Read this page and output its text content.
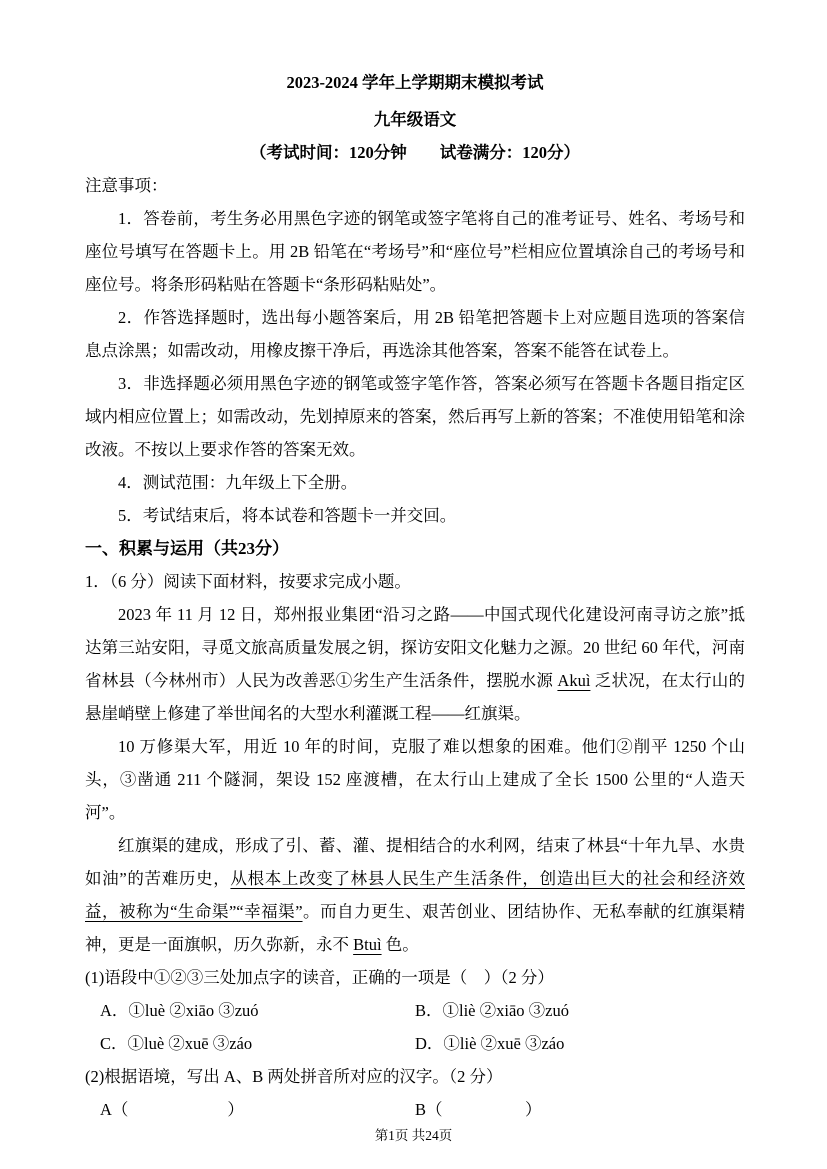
2023-2024 学年上学期期末模拟考试
九年级语文
（考试时间：120分钟　　试卷满分：120分）

注意事项：

1．答卷前，考生务必用黑色字迹的钢笔或签字笔将自己的准考证号、姓名、考场号和座位号填写在答题卡上。用 2B 铅笔在“考场号”和“座位号”栏相应位置填涂自己的考场号和座位号。将条形码粘贴在答题卡“条形码粘贴处”。

2．作答选择题时，选出每小题答案后，用 2B 铅笔把答题卡上对应题目选项的答案信息点涂黑；如需改动，用橡皮擦干净后，再选涂其他答案，答案不能答在试卷上。

3．非选择题必须用黑色字迹的钢笔或签字笔作答，答案必须写在答题卡各题目指定区域内相应位置上；如需改动，先划掉原来的答案，然后再写上新的答案；不准使用铅笔和涂改液。不按以上要求作答的答案无效。

4．测试范围：九年级上下全册。

5．考试结束后，将本试卷和答题卡一并交回。

一、积累与运用（共23分）

1．（6 分）阅读下面材料，按要求完成小题。

2023 年 11 月 12 日，郑州报业集团“沿习之路——中国式现代化建设河南寻访之旅”抵达第三站安阳，寻觅文旅高质量发展之钥，探访安阳文化魅力之源。20 世纪 60 年代，河南省林县（今林州市）人民为改善恶①劣生产生活条件，摆脱水源 Akuì 乏状况，在太行山的悬崖峭壁上修建了举世闻名的大型水利灌溉工程——红旗渠。

10 万修渠大军，用近 10 年的时间，克服了难以想象的困难。他们②削平 1250 个山头，③凿通 211 个隧洞，架设 152 座渡槽，在太行山上建成了全长 1500 公里的“人造天河”。

红旗渠的建成，形成了引、蓄、灌、提相结合的水利网，结束了林县“十年九旱、水贵如油”的苦难历史，从根本上改变了林县人民生产生活条件，创造出巨大的社会和经济效益，被称为“生命渠”“幸福渠”。而自力更生、艰苦创业、团结协作、无私奉献的红旗渠精神，更是一面旗帜，历久弥新，永不 Btuì 色。

(1)语段中①②③三处加点字的读音，正确的一项是（　）（2 分）

A．①luè ②xiāo ③zuó	B．①liè ②xiāo ③zuó
C．①luè ②xuē ③záo	D．①liè ②xuē ③záo

(2)根据语境，写出 A、B 两处拼音所对应的汉字。（2 分）

A（　　　　　　）	B（　　　　　）
第1页 共24页
